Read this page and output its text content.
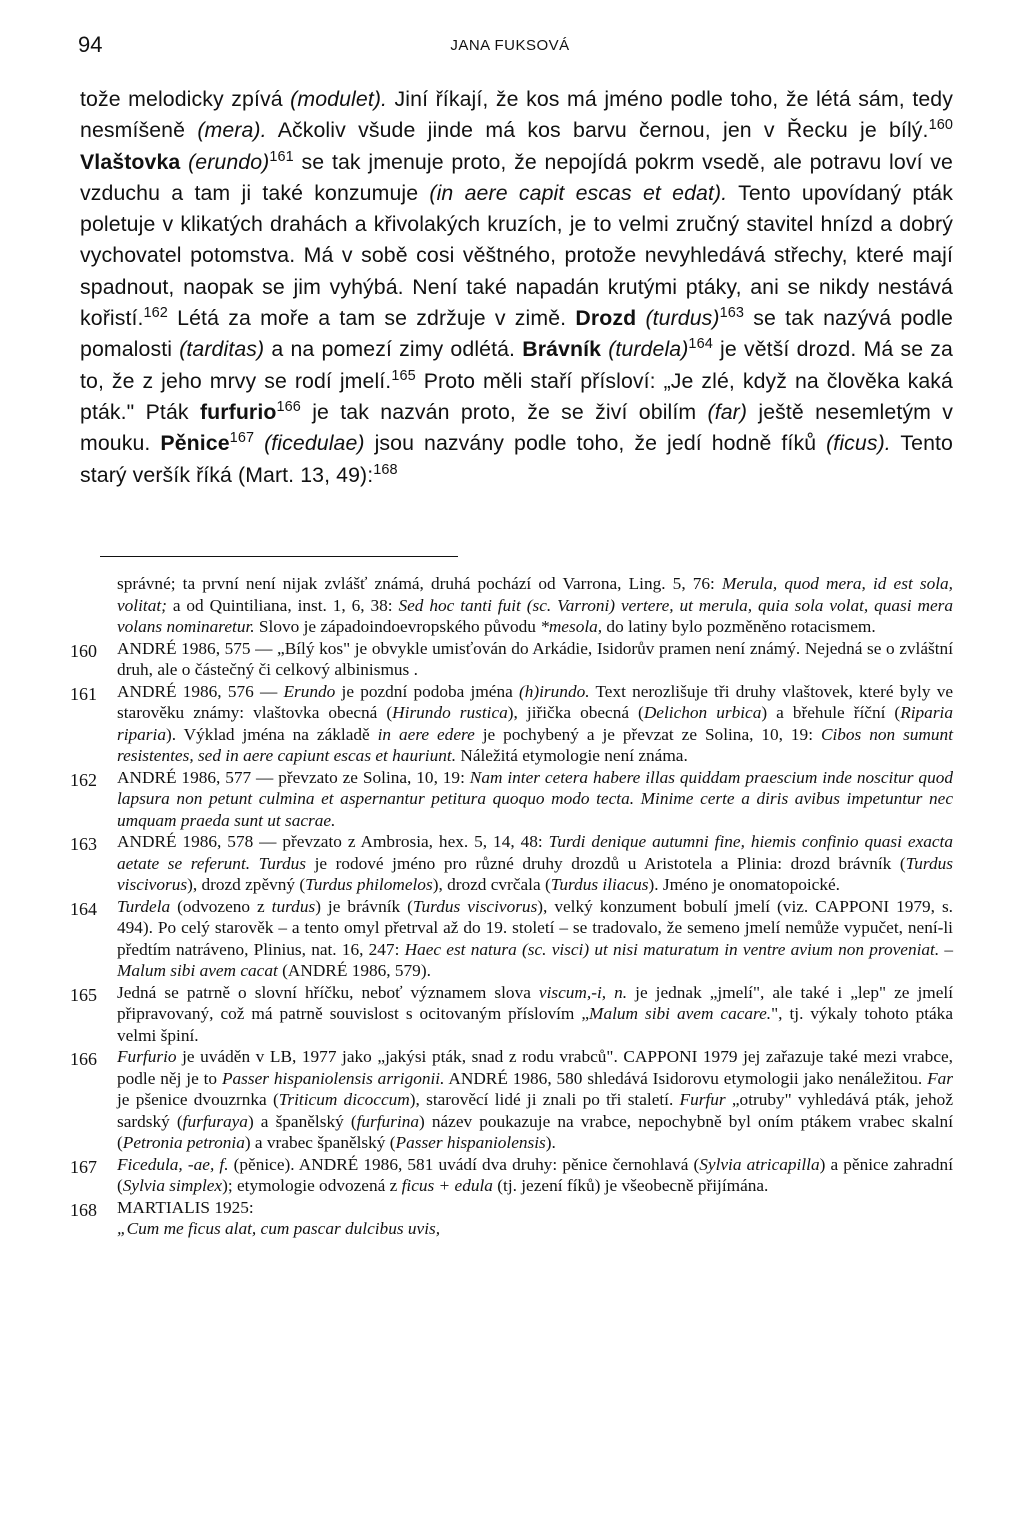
94	JANA FUKSOVÁ
tože melodicky zpívá (modulet). Jiní říkají, že kos má jméno podle toho, že létá sám, tedy nesmíšeně (mera). Ačkoliv všude jinde má kos barvu černou, jen v Řecku je bílý.$^{160}$ Vlaštovka (erundo)$^{161}$ se tak jmenuje proto, že nepojídá pokrm vsedě, ale potravu loví ve vzduchu a tam ji také konzumuje (in aere capit escas et edat). Tento upovídaný pták poletuje v klikatých drahách a křivolakých kruzích, je to velmi zručný stavitel hnízd a dobrý vychovatel potomstva. Má v sobě cosi věštného, protože nevyhledává střechy, které mají spadnout, naopak se jim vyhýbá. Není také napadán krutými ptáky, ani se nikdy nestává kořistí.$^{162}$ Létá za moře a tam se zdržuje v zimě. Drozd (turdus)$^{163}$ se tak nazývá podle pomalosti (tarditas) a na pomezí zimy odlétá. Brávník (turdela)$^{164}$ je větší drozd. Má se za to, že z jeho mrvy se rodí jmelí.$^{165}$ Proto měli staří přísloví: „Je zlé, když na člověka kaká pták." Pták furfurio$^{166}$ je tak nazván proto, že se živí obilím (far) ještě nesemletým v mouku. Pěnice$^{167}$ (ficedulae) jsou nazvány podle toho, že jedí hodně fíků (ficus). Tento starý veršík říká (Mart. 13, 49):$^{168}$
správné; ta první není nijak zvlášť známá, druhá pochází od Varrona, Ling. 5, 76: Merula, quod mera, id est sola, volitat; a od Quintiliana, inst. 1, 6, 38: Sed hoc tanti fuit (sc. Varroni) vertere, ut merula, quia sola volat, quasi mera volans nominaretur. Slovo je západoindoevropského původu *mesola, do latiny bylo pozměněno rotacismem.
160 ANDRÉ 1986, 575 — „Bílý kos" je obvykle umisťován do Arkádie, Isidorův pramen není známý. Nejedná se o zvláštní druh, ale o částečný či celkový albinismus .
161 ANDRÉ 1986, 576 — Erundo je pozdní podoba jména (h)irundo. Text nerozlišuje tři druhy vlaštovek, které byly ve starověku známy: vlaštovka obecná (Hirundo rustica), jiřička obecná (Delichon urbica) a břehule říční (Riparia riparia). Výklad jména na základě in aere edere je pochybený a je převzat ze Solina, 10, 19: Cibos non sumunt resistentes, sed in aere capiunt escas et hauriunt. Náležitá etymologie není známa.
162 ANDRÉ 1986, 577 — převzato ze Solina, 10, 19: Nam inter cetera habere illas quiddam praescium inde noscitur quod lapsura non petunt culmina et aspernantur petitura quoquo modo tecta. Minime certe a diris avibus impetuntur nec umquam praeda sunt ut sacrae.
163 ANDRÉ 1986, 578 — převzato z Ambrosia, hex. 5, 14, 48: Turdi denique autumni fine, hiemis confinio quasi exacta aetate se referunt. Turdus je rodové jméno pro různé druhy drozdů u Aristotela a Plinia: drozd brávník (Turdus viscivorus), drozd zpěvný (Turdus philomelos), drozd cvrčala (Turdus iliacus). Jméno je onomatopoické.
164 Turdela (odvozeno z turdus) je brávník (Turdus viscivorus), velký konzument bobulí jmelí (viz. CAPPONI 1979, s. 494). Po celý starověk – a tento omyl přetrval až do 19. století – se tradovalo, že semeno jmelí nemůže vypučet, není-li předtím natráveno, Plinius, nat. 16, 247: Haec est natura (sc. visci) ut nisi maturatum in ventre avium non proveniat. – Malum sibi avem cacat (ANDRÉ 1986, 579).
165 Jedná se patrně o slovní hříčku, neboť významem slova viscum,-i, n. je jednak „jmelí", ale také i „lep" ze jmelí připravovaný, což má patrně souvislost s ocitovaným příslovím „Malum sibi avem cacare.", tj. výkaly tohoto ptáka velmi špiní.
166 Furfurio je uváděn v LB, 1977 jako „jakýsi pták, snad z rodu vrabců". CAPPONI 1979 jej zařazuje také mezi vrabce, podle něj je to Passer hispaniolensis arrigonii. ANDRÉ 1986, 580 shledává Isidorovu etymologii jako nenáležitou. Far je pšenice dvouzrnka (Triticum dicoccum), starověcí lidé ji znali po tři staletí. Furfur „otruby" vyhledává pták, jehož sardský (furfuraya) a španělský (furfurina) název poukazuje na vrabce, nepochybně byl oním ptákem vrabec skalní (Petronia petronia) a vrabec španělský (Passer hispaniolensis).
167 Ficedula, -ae, f. (pěnice). ANDRÉ 1986, 581 uvádí dva druhy: pěnice černohlavá (Sylvia atricapilla) a pěnice zahradní (Sylvia simplex); etymologie odvozená z ficus + edula (tj. jezení fíků) je všeobecně přijímána.
168 MARTIALIS 1925:
„Cum me ficus alat, cum pascar dulcibus uvis,
